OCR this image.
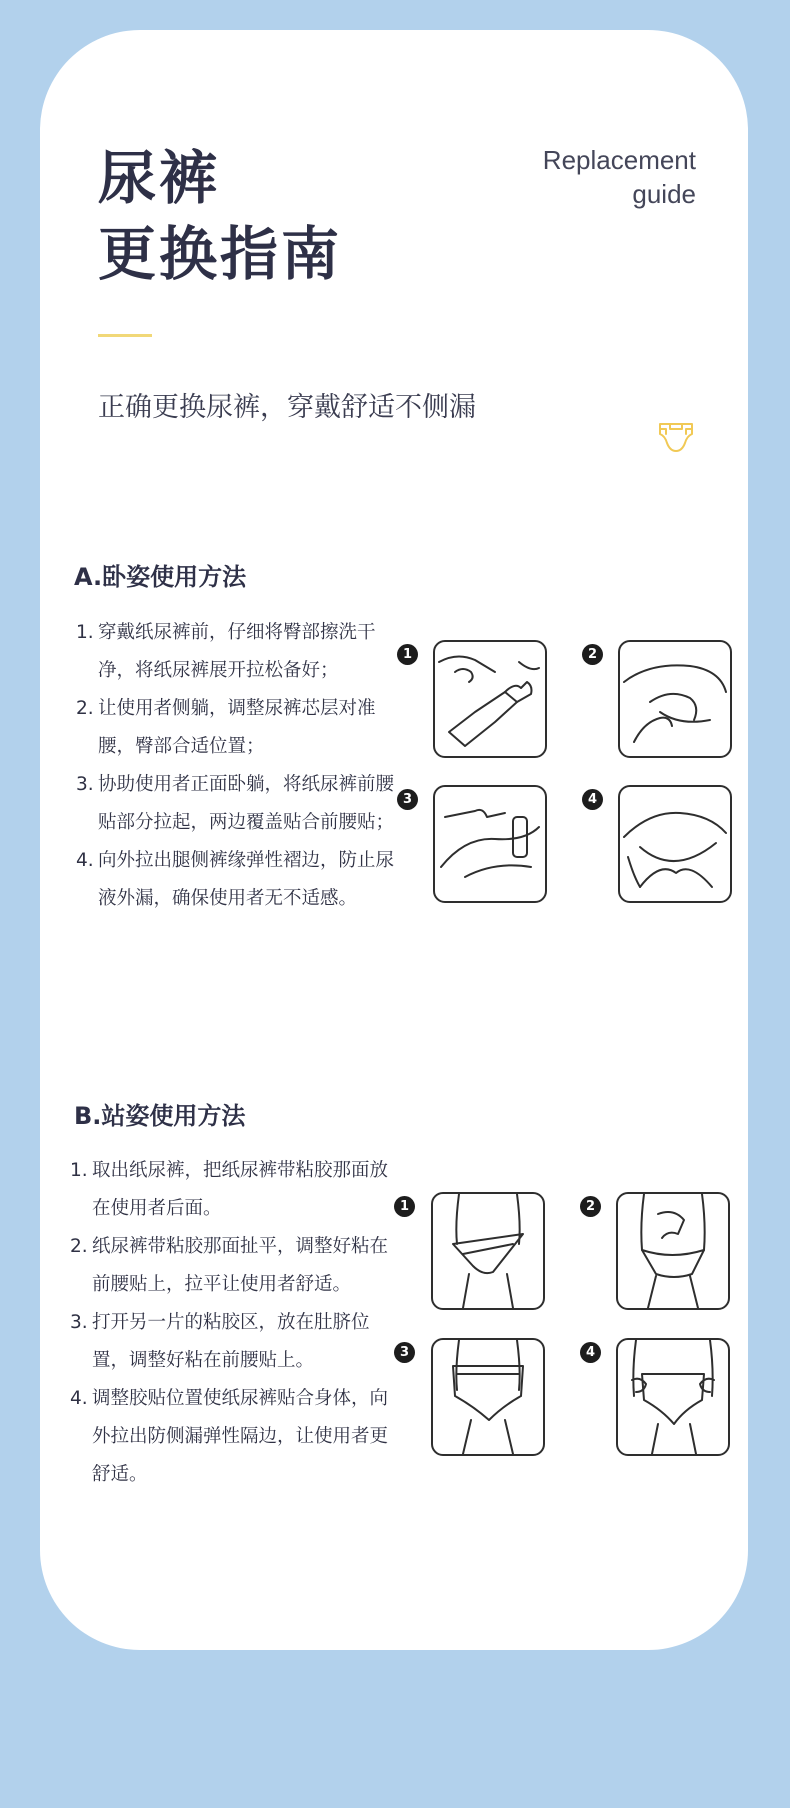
尿裤
更换指南
Replacement
guide
正确更换尿裤，穿戴舒适不侧漏
A.卧姿使用方法
1. 穿戴纸尿裤前，仔细将臀部擦洗干净，将纸尿裤展开拉松备好；
2. 让使用者侧躺，调整尿裤芯层对准腰，臀部合适位置；
3. 协助使用者正面卧躺，将纸尿裤前腰贴部分拉起，两边覆盖贴合前腰贴；
4. 向外拉出腿侧裤缘弹性褶边，防止尿液外漏，确保使用者无不适感。
1	2
3	4
B.站姿使用方法
1. 取出纸尿裤，把纸尿裤带粘胶那面放在使用者后面。
2. 纸尿裤带粘胶那面扯平，调整好粘在前腰贴上，拉平让使用者舒适。
3. 打开另一片的粘胶区，放在肚脐位置，调整好粘在前腰贴上。
4. 调整胶贴位置使纸尿裤贴合身体，向外拉出防侧漏弹性隔边，让使用者更舒适。
1	2
3	4
